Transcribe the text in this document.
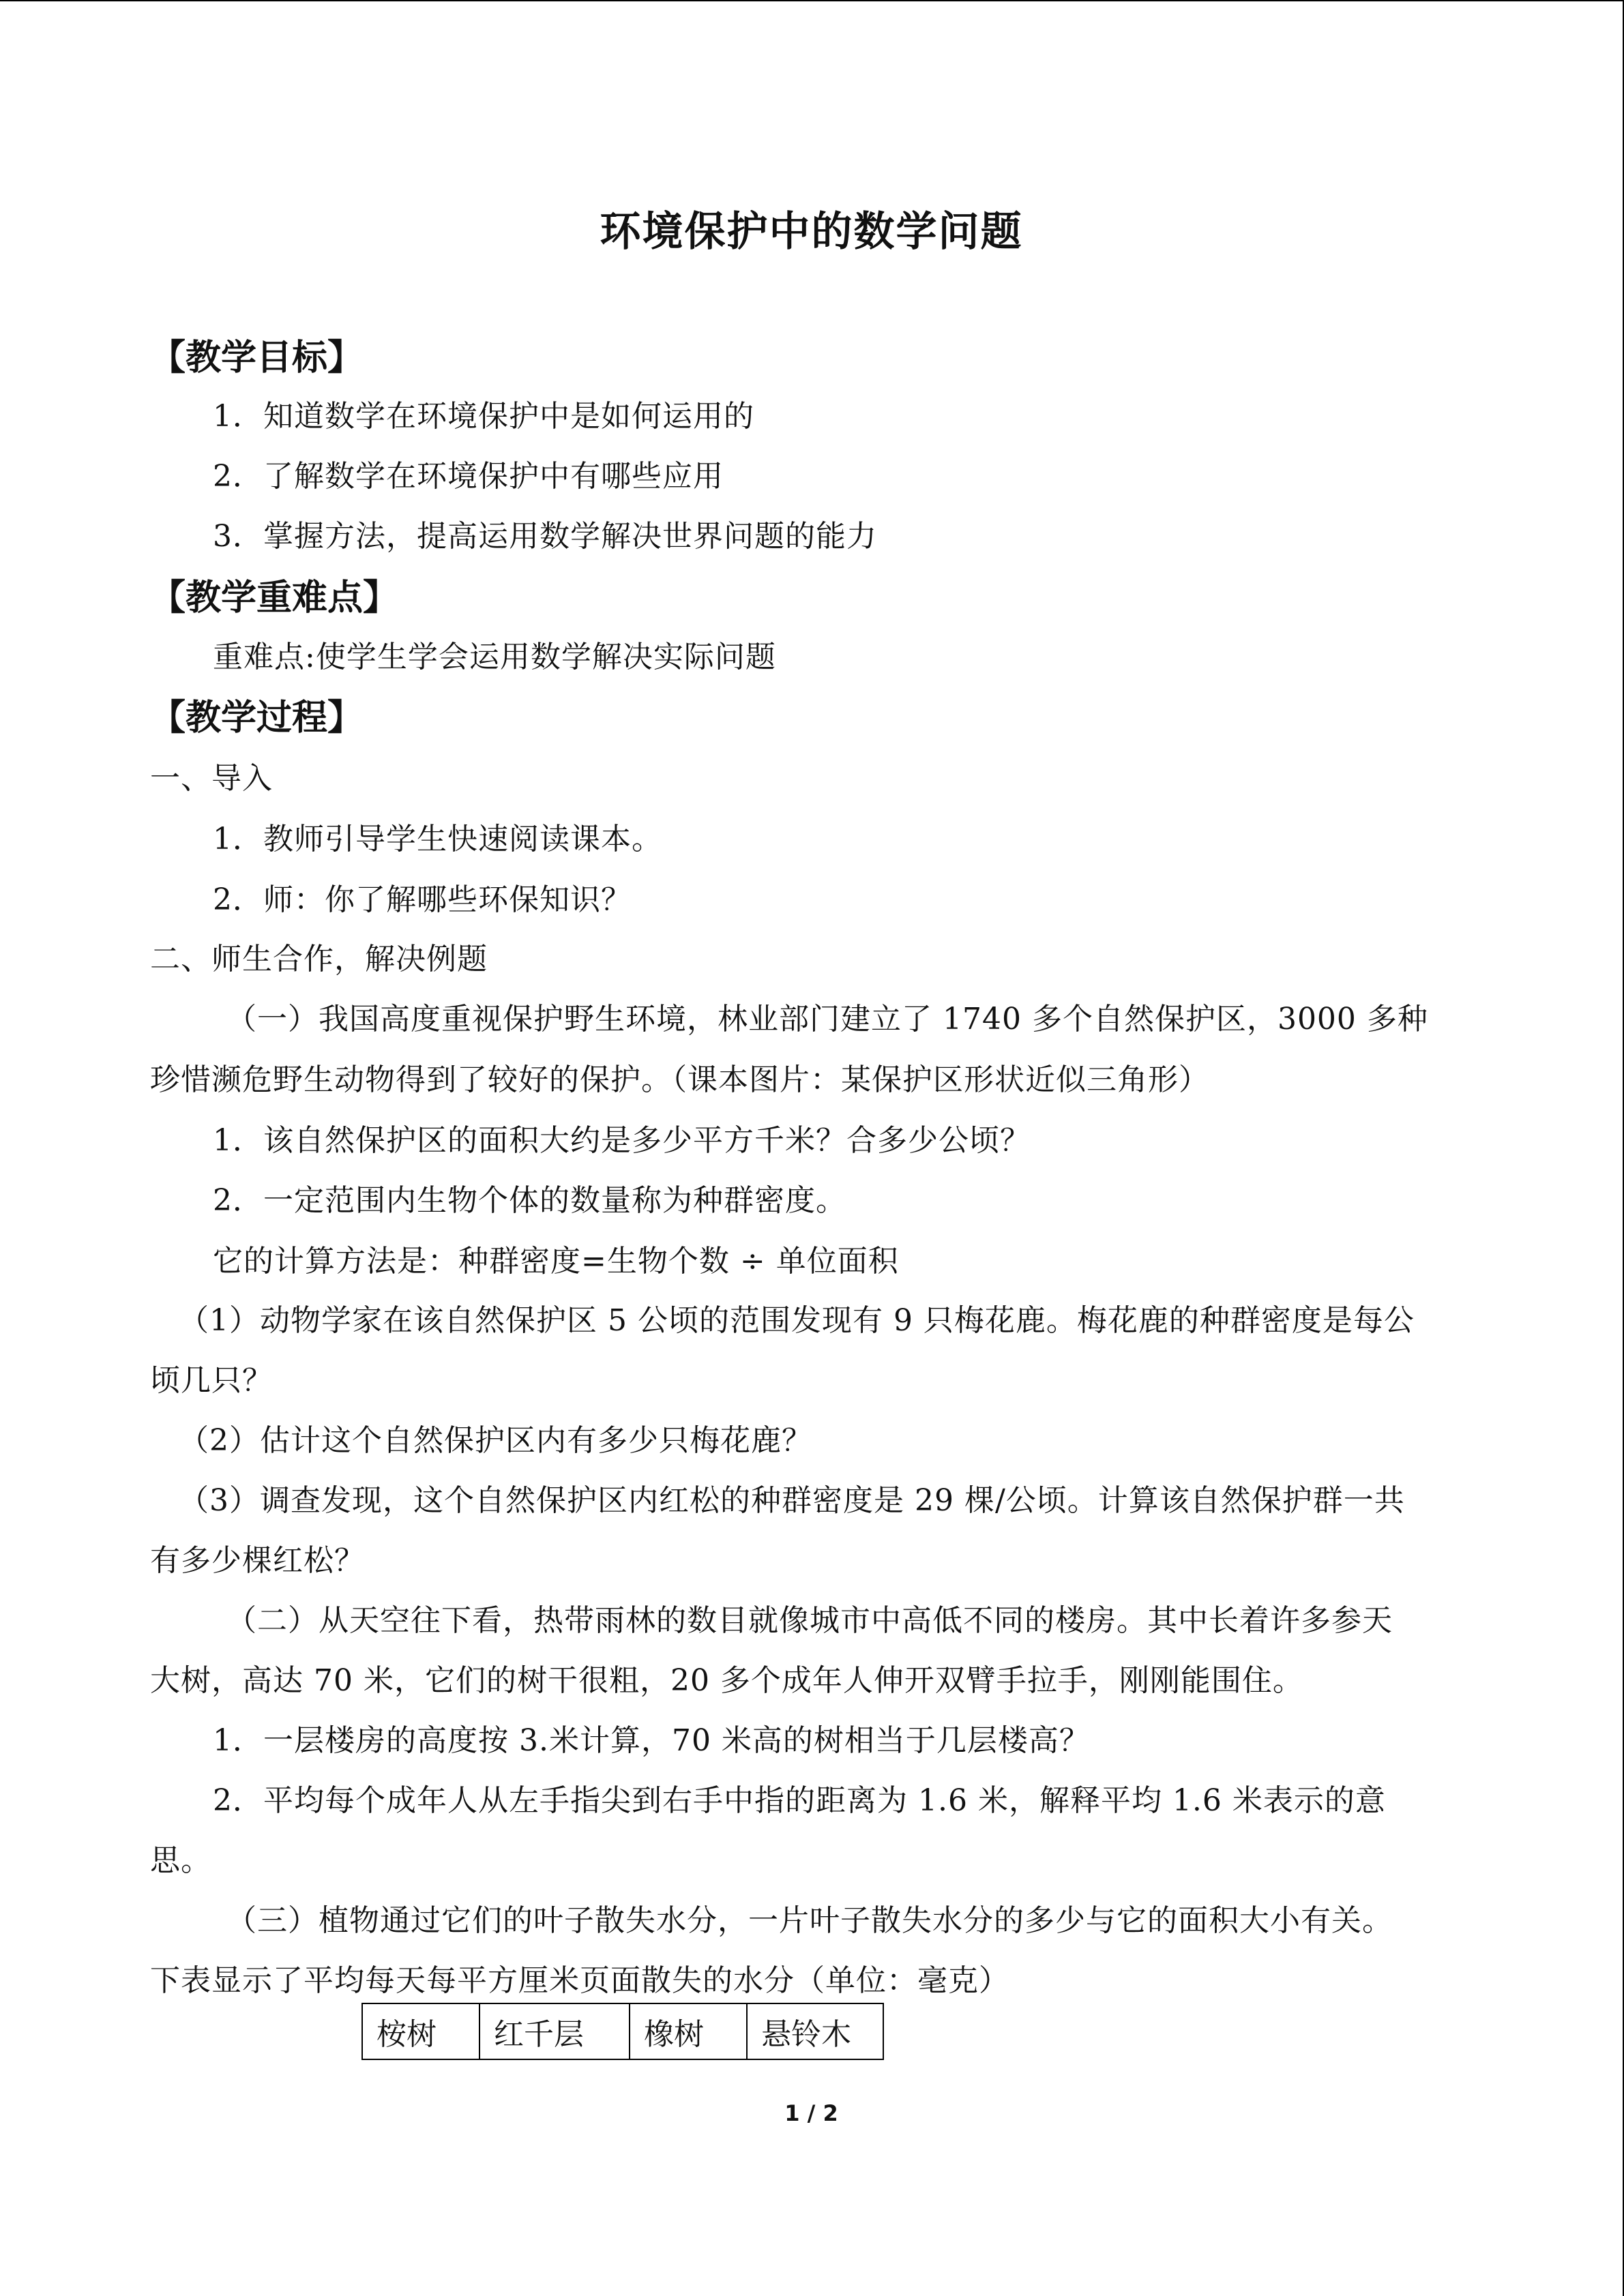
环境保护中的数学问题
【教学目标】
1．知道数学在环境保护中是如何运用的
2．了解数学在环境保护中有哪些应用
3．掌握方法，提高运用数学解决世界问题的能力
【教学重难点】
重难点:使学生学会运用数学解决实际问题
【教学过程】
一、导入
1．教师引导学生快速阅读课本。
2．师：你了解哪些环保知识？
二、师生合作，解决例题
（一）我国高度重视保护野生环境，林业部门建立了 1740 多个自然保护区，3000 多种
珍惜濒危野生动物得到了较好的保护。（课本图片：某保护区形状近似三角形）
1．该自然保护区的面积大约是多少平方千米？合多少公顷？
2．一定范围内生物个体的数量称为种群密度。
它的计算方法是：种群密度=生物个数 ÷ 单位面积
（1）动物学家在该自然保护区 5 公顷的范围发现有 9 只梅花鹿。梅花鹿的种群密度是每公
顷几只？
（2）估计这个自然保护区内有多少只梅花鹿？
（3）调查发现，这个自然保护区内红松的种群密度是 29 棵/公顷。计算该自然保护群一共
有多少棵红松？
（二）从天空往下看，热带雨林的数目就像城市中高低不同的楼房。其中长着许多参天
大树，高达 70 米，它们的树干很粗，20 多个成年人伸开双臂手拉手，刚刚能围住。
1．一层楼房的高度按 3.米计算，70 米高的树相当于几层楼高？
2．平均每个成年人从左手指尖到右手中指的距离为 1.6 米，解释平均 1.6 米表示的意
思。
（三）植物通过它们的叶子散失水分，一片叶子散失水分的多少与它的面积大小有关。
下表显示了平均每天每平方厘米页面散失的水分（单位：毫克）
桉树	红千层	橡树	悬铃木
1 / 2
